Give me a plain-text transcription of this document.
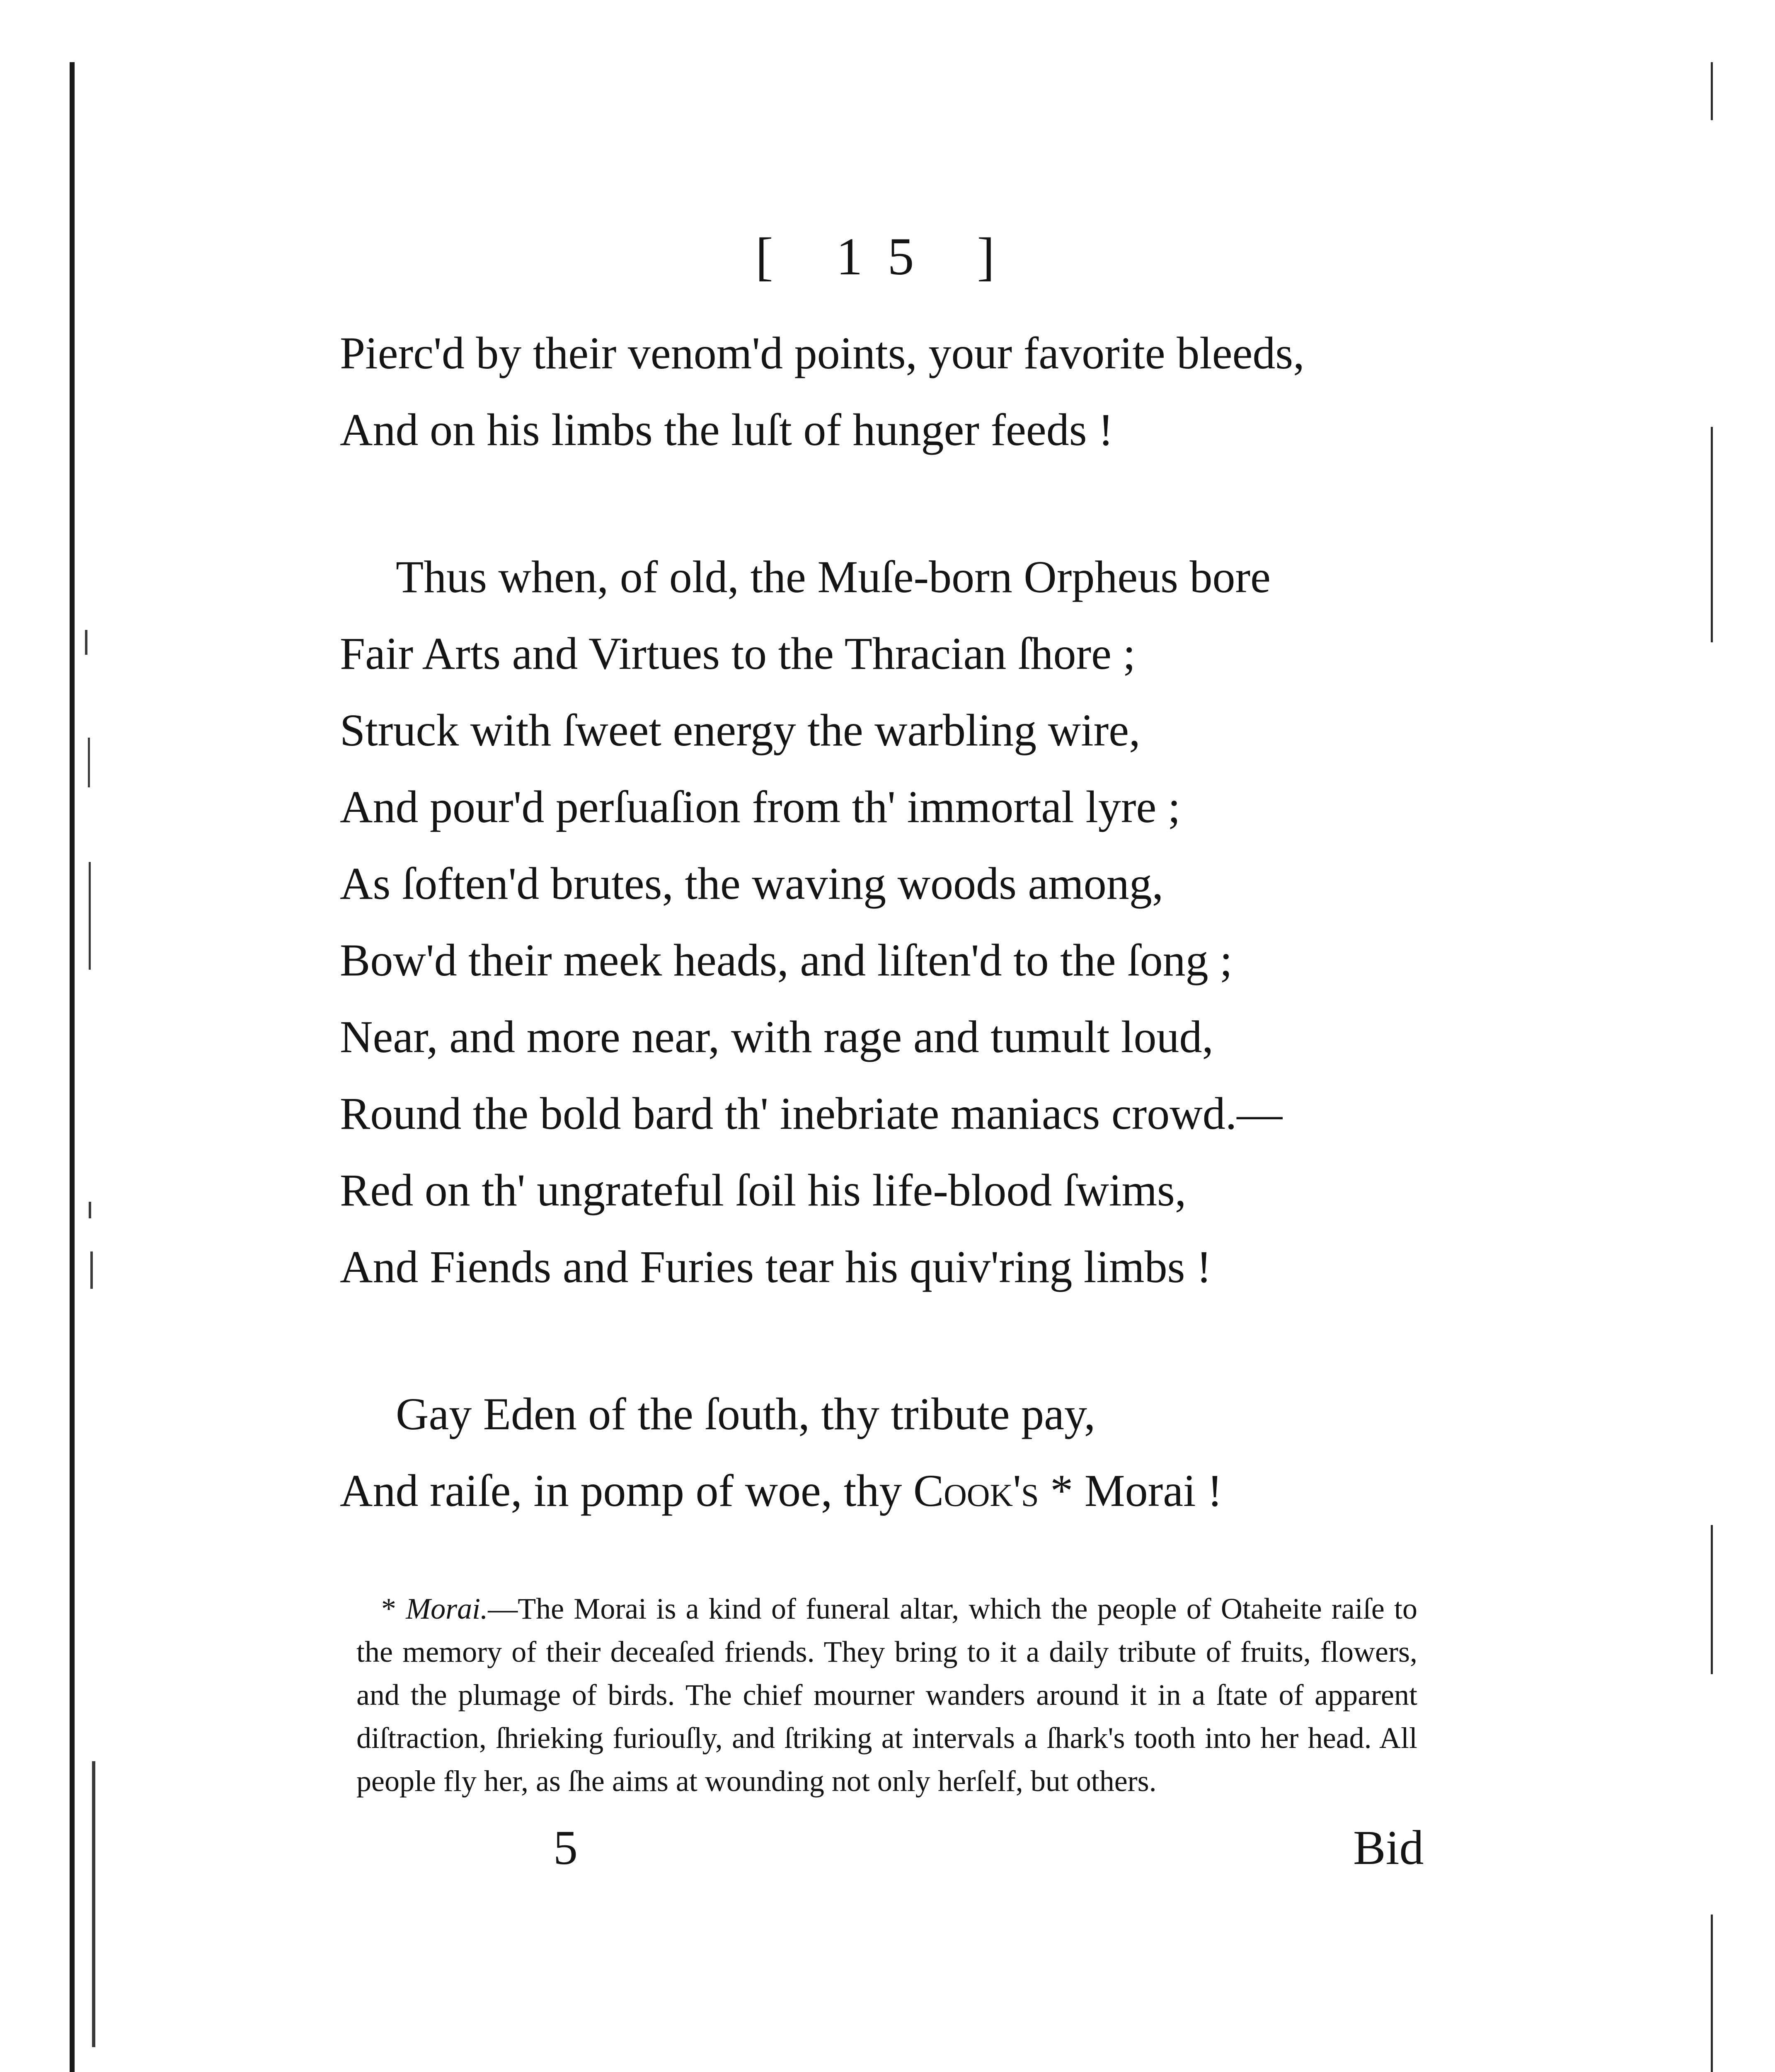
[ 15 ]
Pierc'd by their venom'd points, your favorite bleeds,
And on his limbs the luſt of hunger feeds !
Thus when, of old, the Muſe-born Orpheus bore
Fair Arts and Virtues to the Thracian ſhore ;
Struck with ſweet energy the warbling wire,
And pour'd perſuaſion from th' immortal lyre ;
As ſoften'd brutes, the waving woods among,
Bow'd their meek heads, and liſten'd to the ſong ;
Near, and more near, with rage and tumult loud,
Round the bold bard th' inebriate maniacs crowd.—
Red on th' ungrateful ſoil his life-blood ſwims,
And Fiends and Furies tear his quiv'ring limbs !
Gay Eden of the ſouth, thy tribute pay,
And raiſe, in pomp of woe, thy Cook's * Morai !

* Morai.—The Morai is a kind of funeral altar, which the people of Otaheite raiſe to the memory of their deceaſed friends. They bring to it a daily tribute of fruits, flowers, and the plumage of birds. The chief mourner wanders around it in a ſtate of apparent diſtraction, ſhrieking furiouſly, and ſtriking at intervals a ſhark's tooth into her head. All people fly her, as ſhe aims at wounding not only herſelf, but others.

5	Bid
